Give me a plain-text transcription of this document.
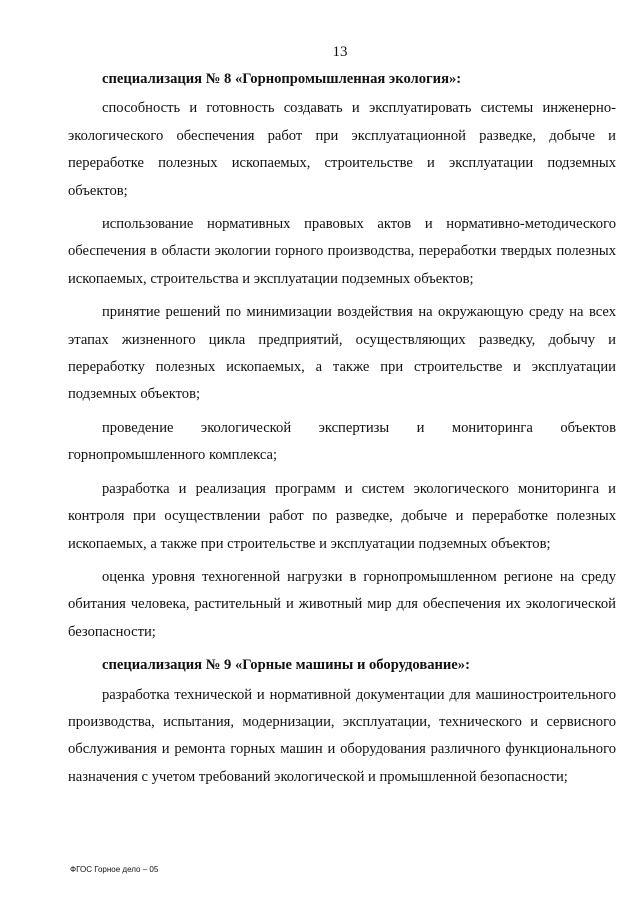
13
специализация № 8 «Горнопромышленная экология»:
способность и готовность создавать и эксплуатировать системы инженерно-экологического обеспечения работ при эксплуатационной разведке, добыче и переработке полезных ископаемых, строительстве и эксплуатации подземных объектов;
использование нормативных правовых актов и нормативно-методического обеспечения в области экологии горного производства, переработки твердых полезных ископаемых, строительства и эксплуатации подземных объектов;
принятие решений по минимизации воздействия на окружающую среду на всех этапах жизненного цикла предприятий, осуществляющих разведку, добычу и переработку полезных ископаемых, а также при строительстве и эксплуатации подземных объектов;
проведение экологической экспертизы и мониторинга объектов горнопромышленного комплекса;
разработка и реализация программ и систем экологического мониторинга и контроля при осуществлении работ по разведке, добыче и переработке полезных ископаемых, а также при строительстве и эксплуатации подземных объектов;
оценка уровня техногенной нагрузки в горнопромышленном регионе на среду обитания человека, растительный и животный мир для обеспечения их экологической безопасности;
специализация № 9 «Горные машины и оборудование»:
разработка технической и нормативной документации для машиностроительного производства, испытания, модернизации, эксплуатации, технического и сервисного обслуживания и ремонта горных машин и оборудования различного функционального назначения с учетом требований экологической и промышленной безопасности;
ФГОС Горное дело – 05
